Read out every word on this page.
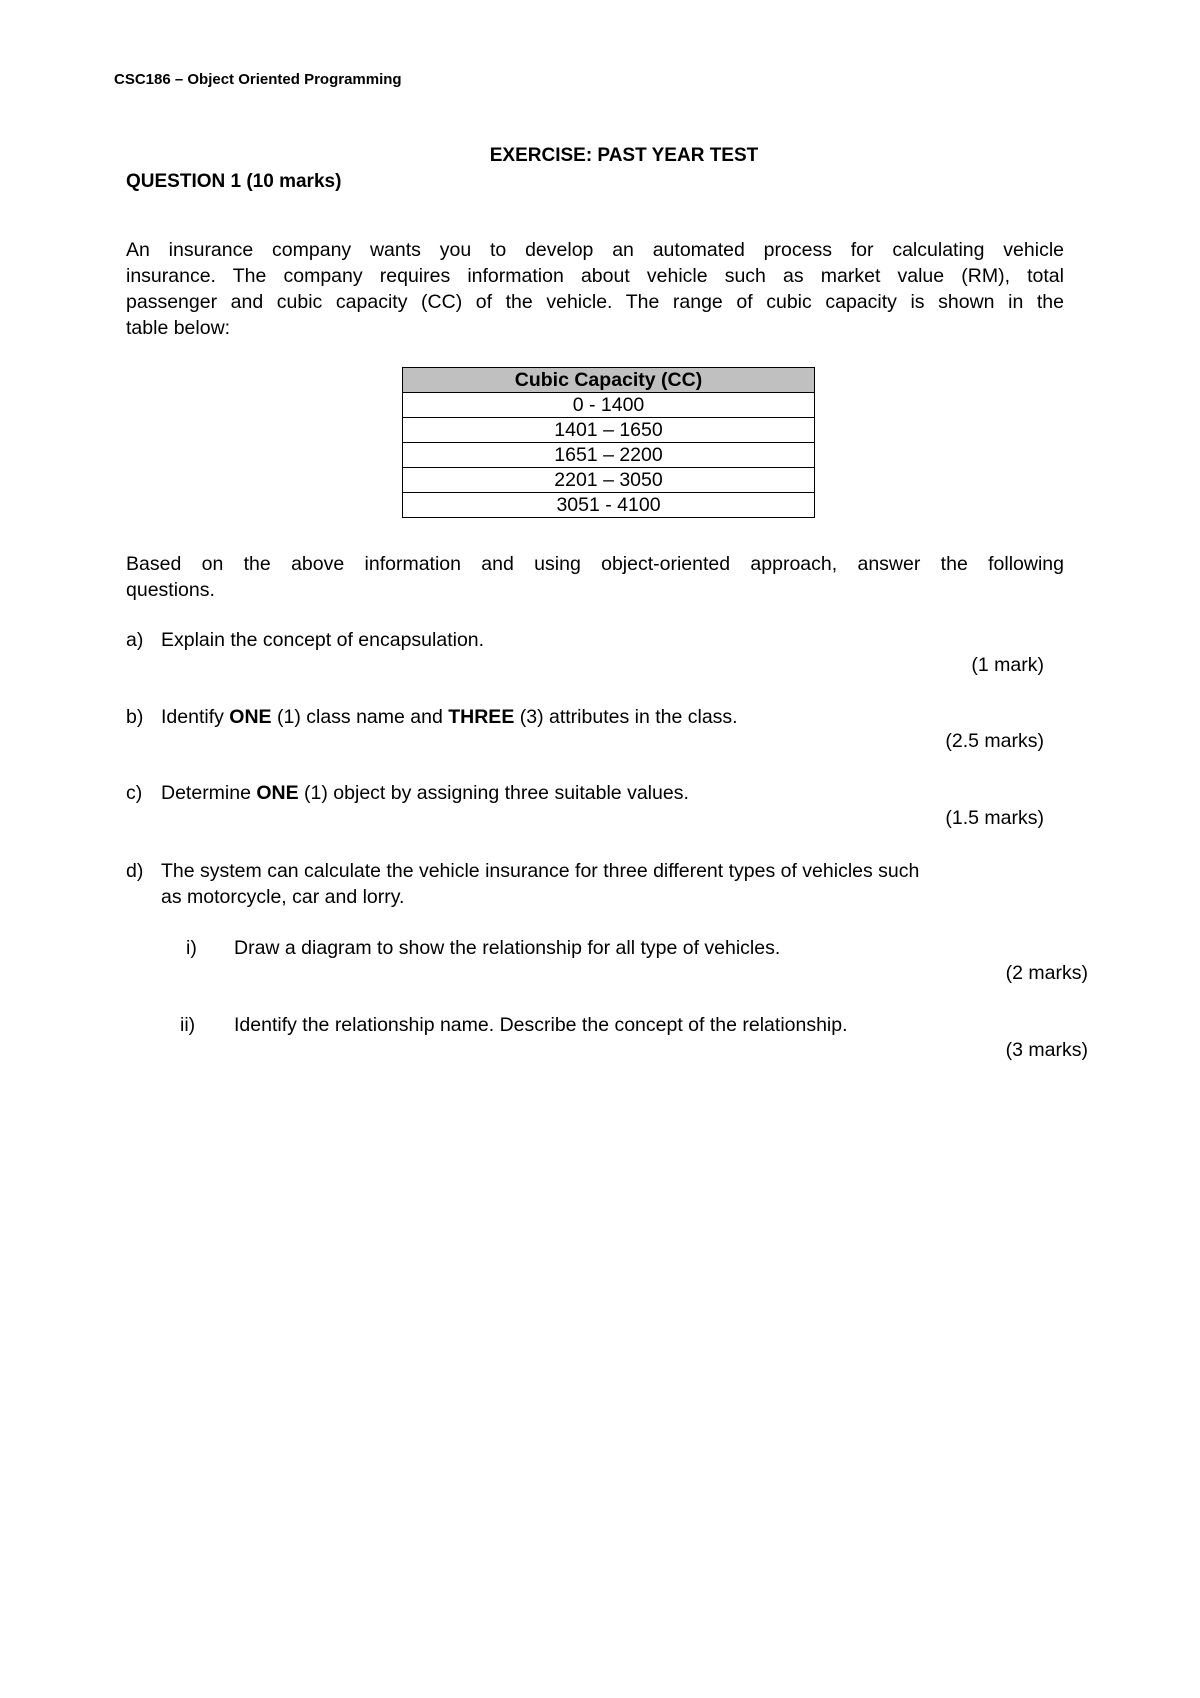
CSC186 – Object Oriented Programming
EXERCISE: PAST YEAR TEST
QUESTION 1 (10 marks)
An insurance company wants you to develop an automated process for calculating vehicle
insurance. The company requires information about vehicle such as market value (RM), total
passenger and cubic capacity (CC) of the vehicle. The range of cubic capacity is shown in the
table below:
Cubic Capacity (CC)
0 - 1400
1401 – 1650
1651 – 2200
2201 – 3050
3051 - 4100
Based on the above information and using object-oriented approach, answer the following
questions.
a) Explain the concept of encapsulation.
(1 mark)
b) Identify ONE (1) class name and THREE (3) attributes in the class.
(2.5 marks)
c) Determine ONE (1) object by assigning three suitable values.
(1.5 marks)
d) The system can calculate the vehicle insurance for three different types of vehicles such
as motorcycle, car and lorry.
i) Draw a diagram to show the relationship for all type of vehicles.
(2 marks)
ii) Identify the relationship name. Describe the concept of the relationship.
(3 marks)
